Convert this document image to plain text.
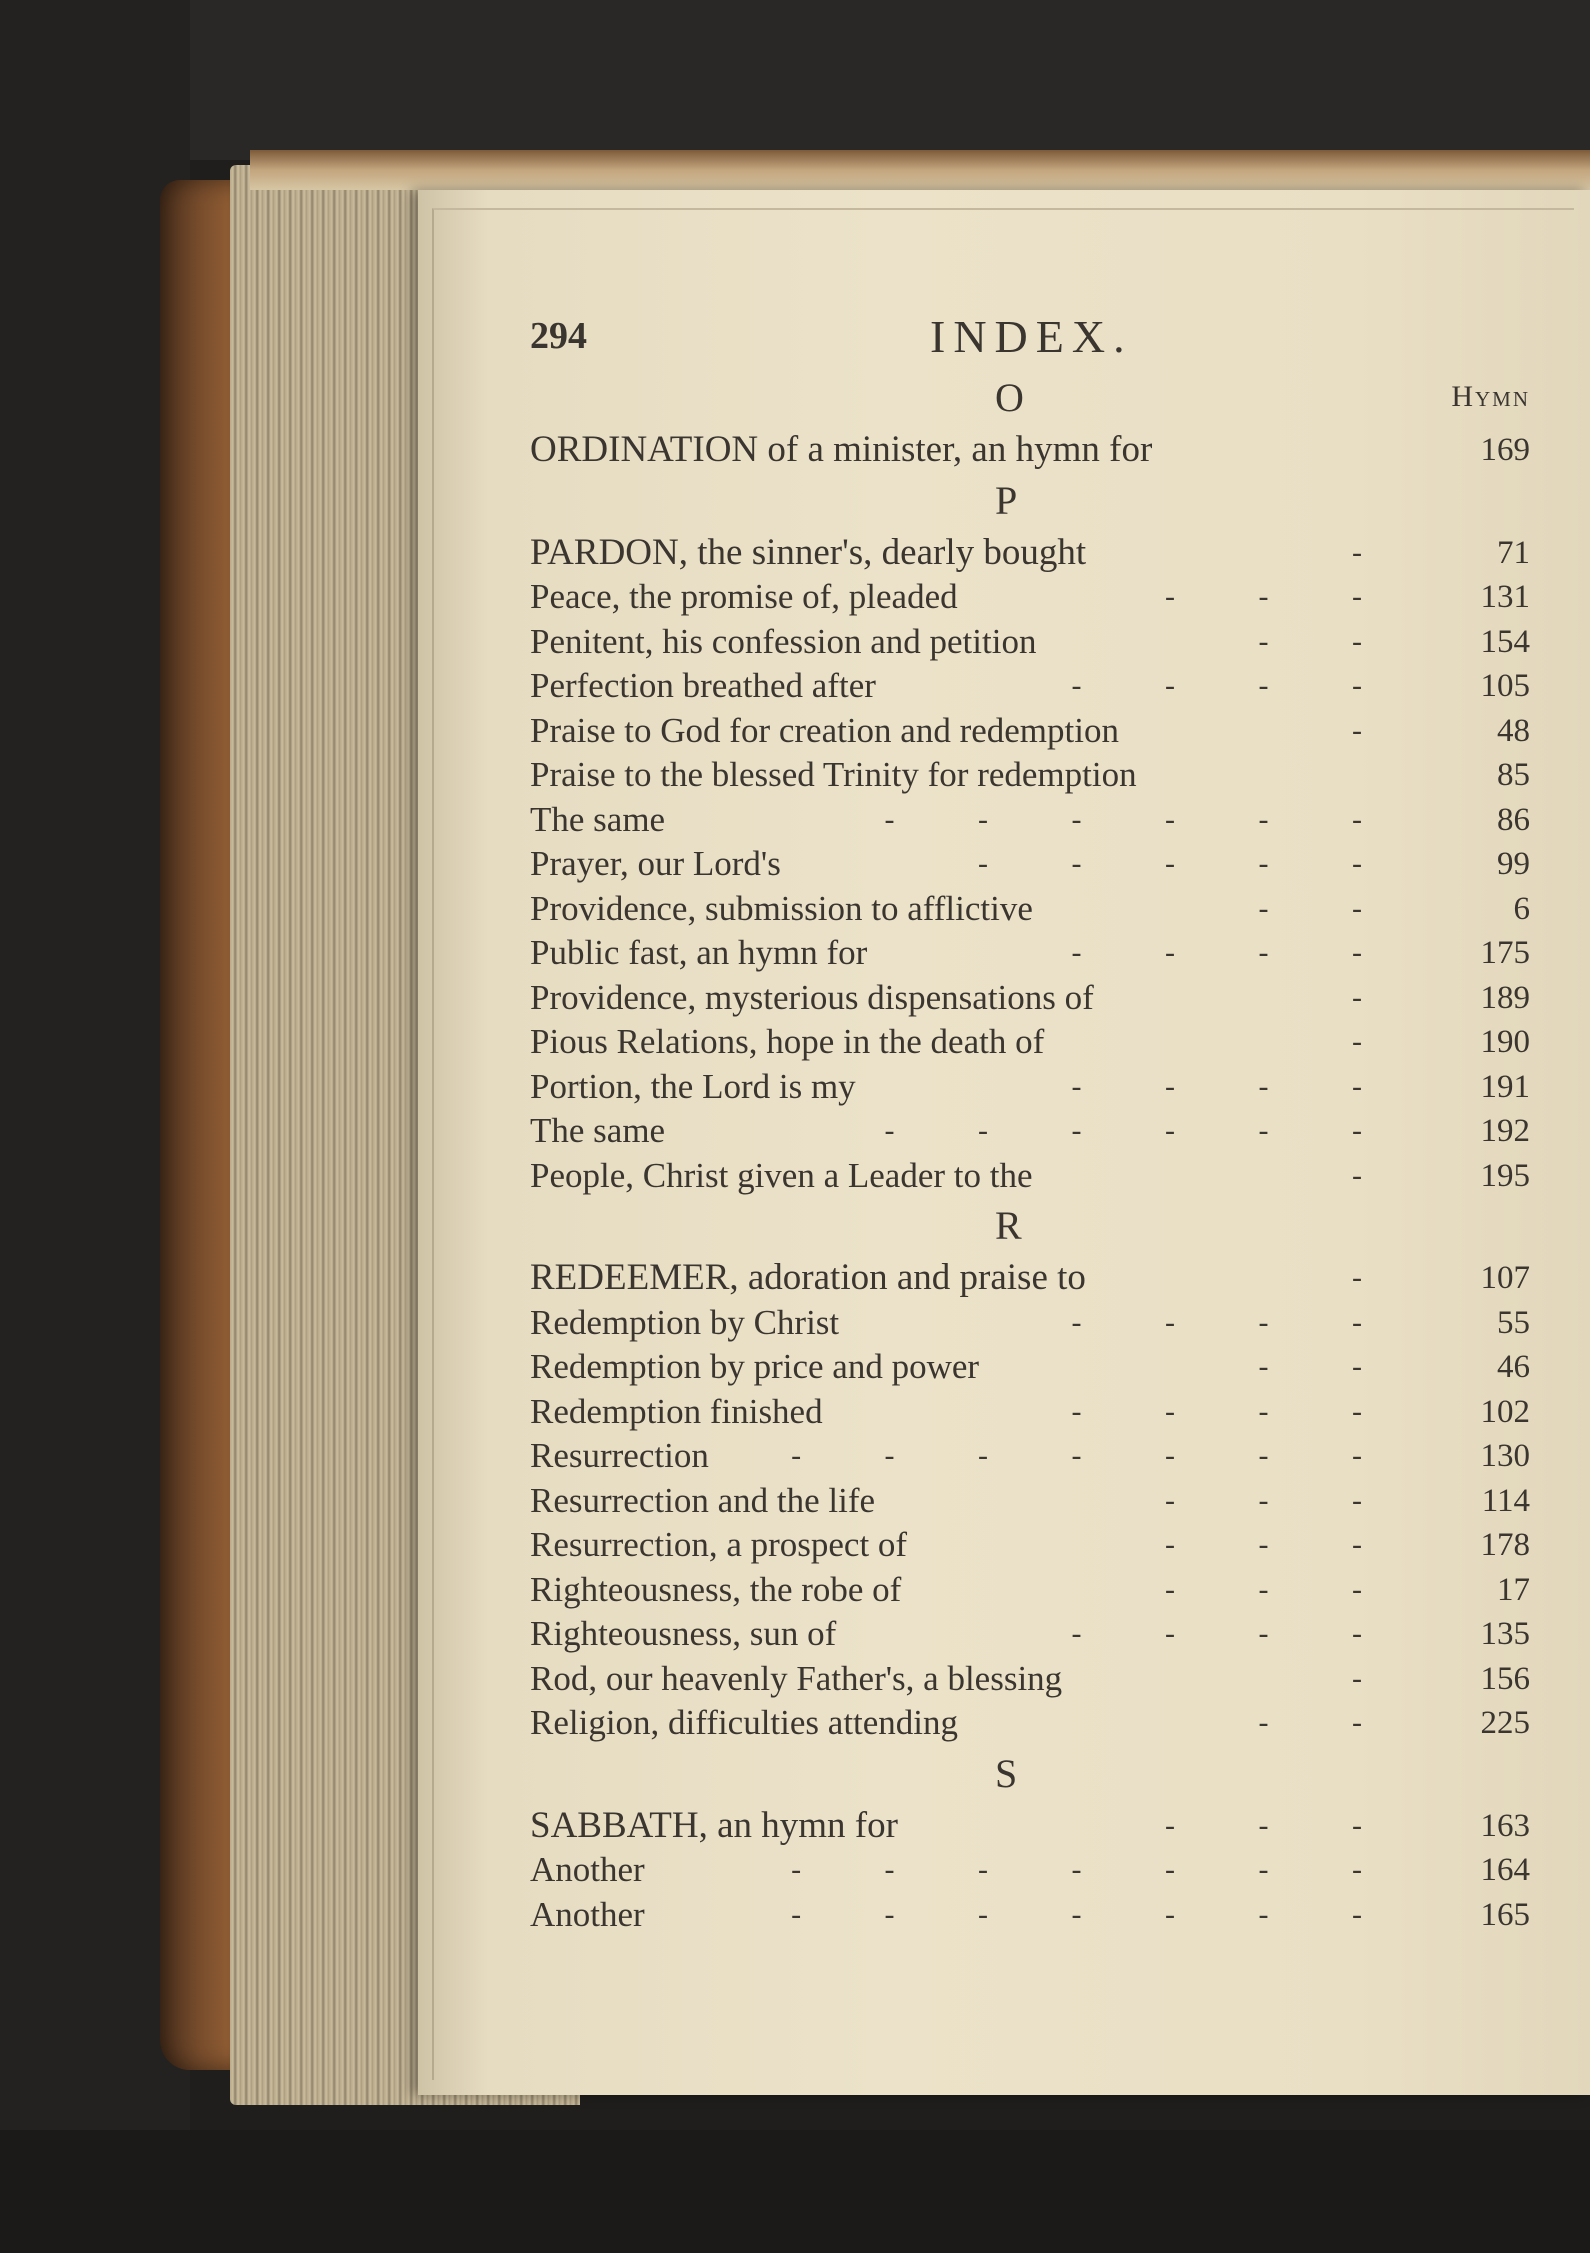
294	INDEX.
O	Hymn
ORDINATION of a minister, an hymn for	169
P
PARDON, the sinner's, dearly bought	-	71
Peace, the promise of, pleaded	- - -	131
Penitent, his confession and petition	- -	154
Perfection breathed after	- - - -	105
Praise to God for creation and redemption	-	48
Praise to the blessed Trinity for redemption	85
The same	- - - - - -	86
Prayer, our Lord's	- - - - -	99
Providence, submission to afflictive	- -	6
Public fast, an hymn for	- - - -	175
Providence, mysterious dispensations of	-	189
Pious Relations, hope in the death of	-	190
Portion, the Lord is my	- - - -	191
The same	- - - - - -	192
People, Christ given a Leader to the	-	195
R
REDEEMER, adoration and praise to	-	107
Redemption by Christ	- - - -	55
Redemption by price and power	- -	46
Redemption finished	- - - -	102
Resurrection	- - - - - - -	130
Resurrection and the life	- - -	114
Resurrection, a prospect of	- - -	178
Righteousness, the robe of	- - -	17
Righteousness, sun of	- - - -	135
Rod, our heavenly Father's, a blessing	-	156
Religion, difficulties attending	- -	225
S
SABBATH, an hymn for	- - -	163
Another	- - - - - - -	164
Another	- - - - - - -	165
